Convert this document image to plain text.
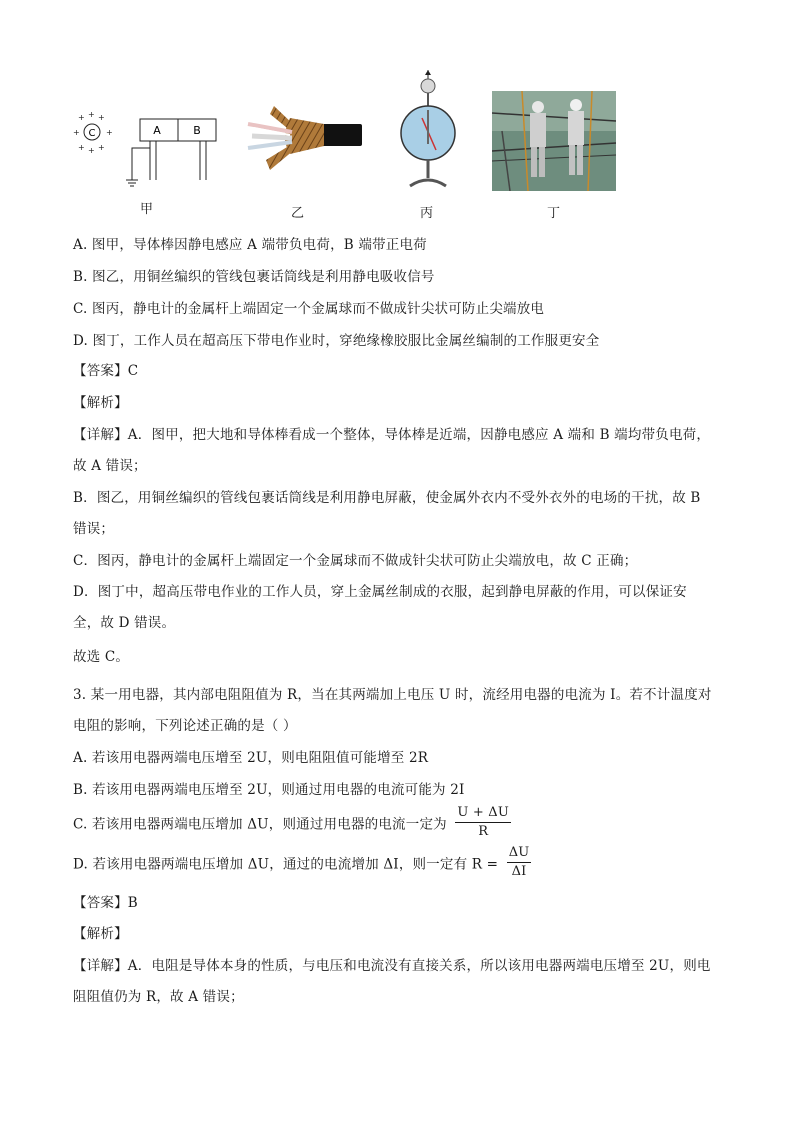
+ + +
+	+
+ + +
C	A	B
甲	乙	丙	丁
A. 图甲，导体棒因静电感应 A 端带负电荷，B 端带正电荷
B. 图乙，用铜丝编织的管线包裹话筒线是利用静电吸收信号
C. 图丙，静电计的金属杆上端固定一个金属球而不做成针尖状可防止尖端放电
D. 图丁，工作人员在超高压下带电作业时，穿绝缘橡胶服比金属丝编制的工作服更安全
【答案】C
【解析】
【详解】A．图甲，把大地和导体棒看成一个整体，导体棒是近端，因静电感应 A 端和 B 端均带负电荷，
故 A 错误；
B．图乙，用铜丝编织的管线包裹话筒线是利用静电屏蔽，使金属外衣内不受外衣外的电场的干扰，故 B
错误；
C．图丙，静电计的金属杆上端固定一个金属球而不做成针尖状可防止尖端放电，故 C 正确；
D．图丁中，超高压带电作业的工作人员，穿上金属丝制成的衣服，起到静电屏蔽的作用，可以保证安
全，故 D 错误。
故选 C。
3. 某一用电器，其内部电阻阻值为 R，当在其两端加上电压 U 时，流经用电器的电流为 I。若不计温度对
电阻的影响，下列论述正确的是（ ）
A. 若该用电器两端电压增至 2U，则电阻阻值可能增至 2R
B. 若该用电器两端电压增至 2U，则通过用电器的电流可能为 2I
C. 若该用电器两端电压增加 ΔU，则通过用电器的电流一定为 $\frac{U + \Delta U}{R}$
D. 若该用电器两端电压增加 ΔU，通过的电流增加 ΔI，则一定有 $R = \frac{\Delta U}{\Delta I}$
【答案】B
【解析】
【详解】A．电阻是导体本身的性质，与电压和电流没有直接关系，所以该用电器两端电压增至 2U，则电
阻阻值仍为 R，故 A 错误；
